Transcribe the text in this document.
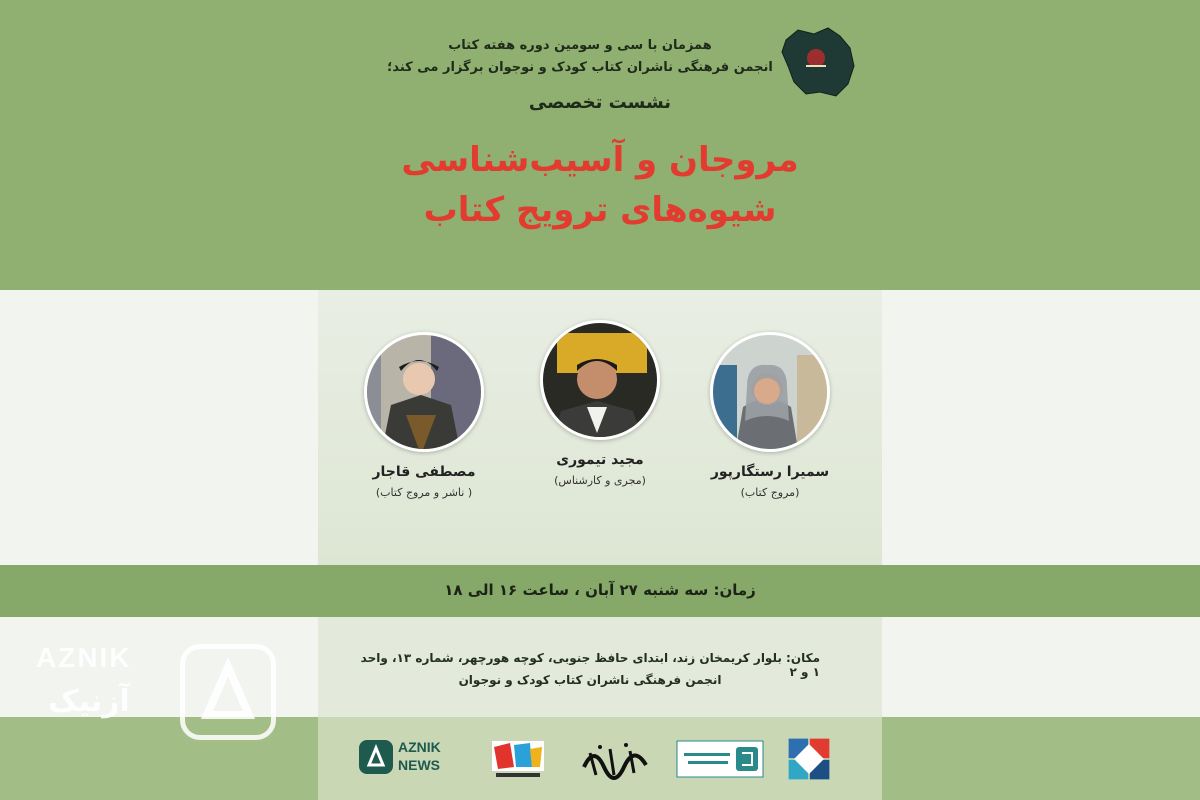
همزمان با سی و سومین دوره هفته کتاب
انجمن فرهنگی ناشران کتاب کودک و نوجوان برگزار می کند؛
نشست تخصصی
مروجان و آسیب‌شناسی
شیوه‌های ترویج کتاب
مصطفی قاجار
( ناشر و مروج کتاب)
مجید تیموری
(مجری و کارشناس)
سمیرا رستگارپور
(مروج کتاب)
زمان: سه شنبه ۲۷ آبان ، ساعت ۱۶ الی ۱۸
مکان: بلوار کریمخان زند، ابتدای حافظ جنوبی، کوچه هورچهر، شماره ۱۳، واحد ۱ و ۲
انجمن فرهنگی ناشران کتاب کودک و نوجوان
AZNIK
NEWS
AZNIK
آزنیک
